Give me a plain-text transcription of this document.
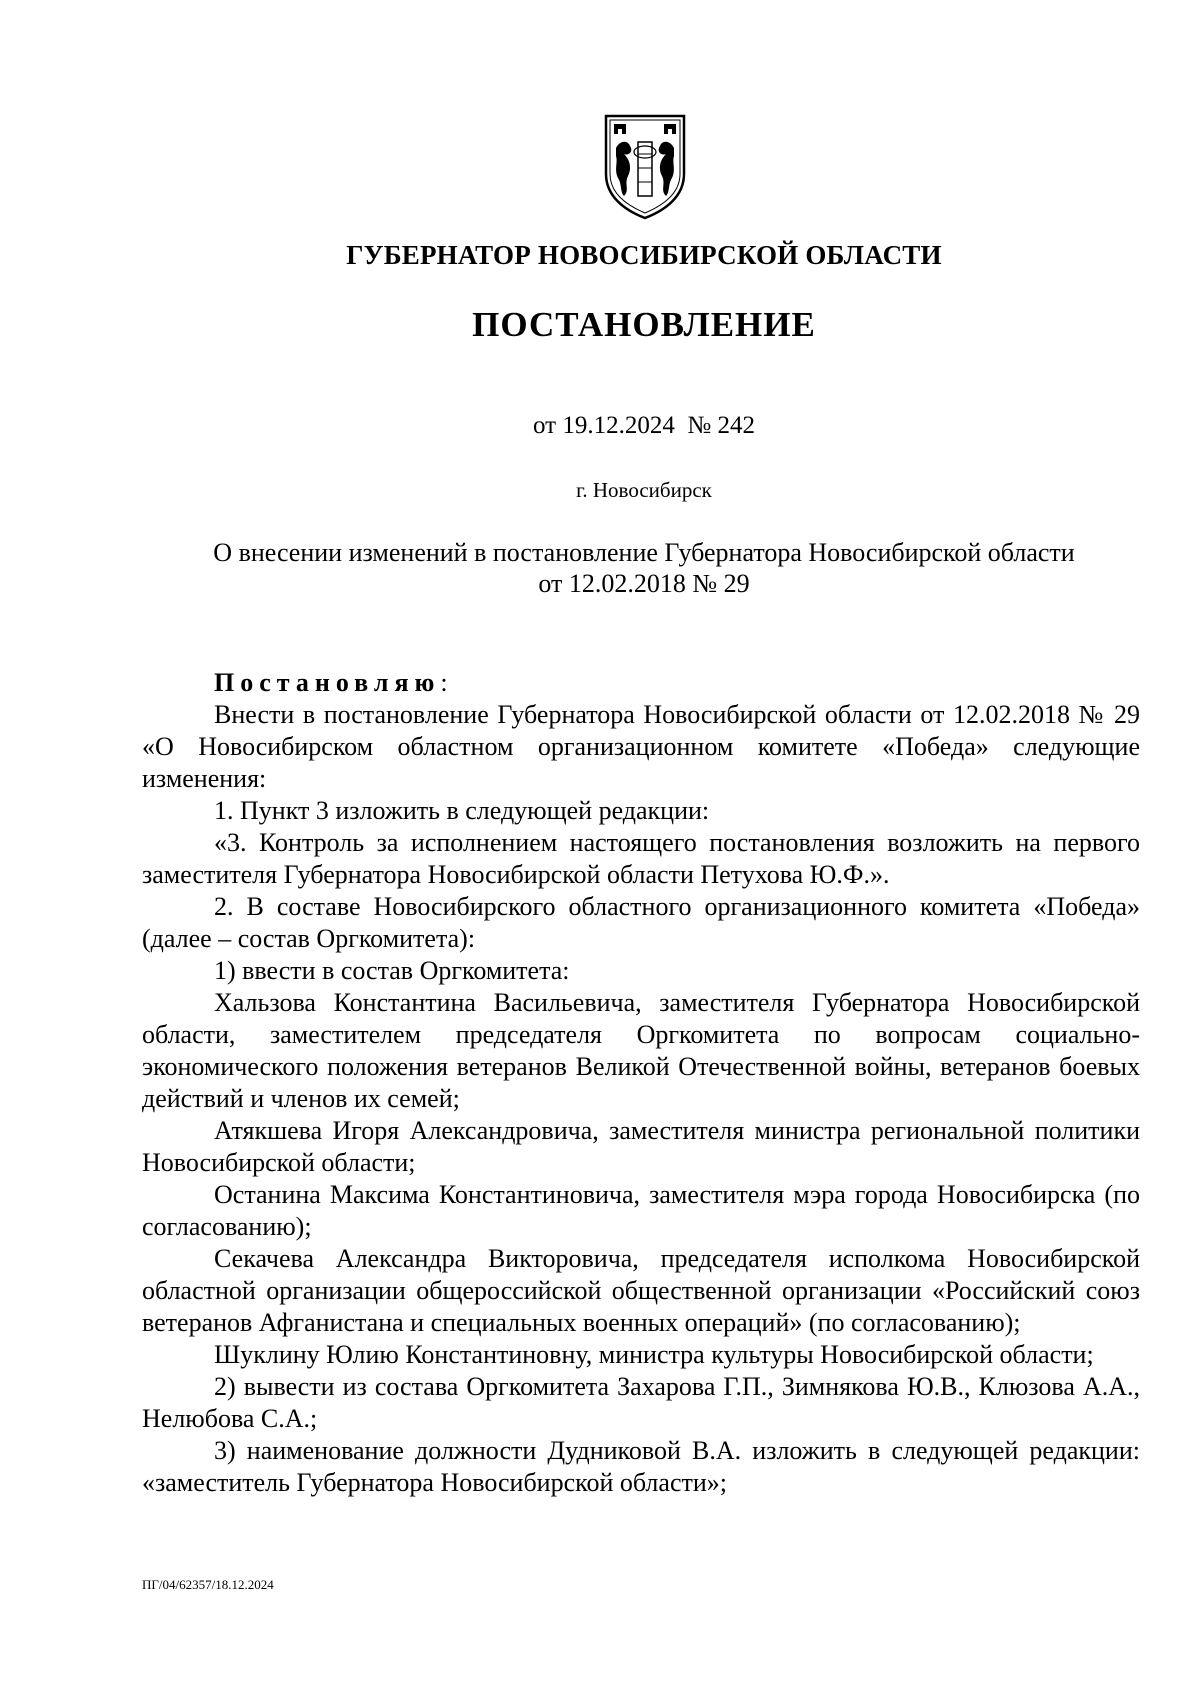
ГУБЕРНАТОР НОВОСИБИРСКОЙ ОБЛАСТИ
ПОСТАНОВЛЕНИЕ
от 19.12.2024  № 242
г. Новосибирск
О внесении изменений в постановление Губернатора Новосибирской области
от 12.02.2018 № 29

Постановляю:

Внести в постановление Губернатора Новосибирской области от 12.02.2018 № 29 «О Новосибирском областном организационном комитете «Победа» следующие изменения:

1. Пункт 3 изложить в следующей редакции:

«3. Контроль за исполнением настоящего постановления возложить на первого заместителя Губернатора Новосибирской области Петухова Ю.Ф.».

2. В составе Новосибирского областного организационного комитета «Победа» (далее – состав Оргкомитета):

1) ввести в состав Оргкомитета:

Хальзова Константина Васильевича, заместителя Губернатора Новосибирской области, заместителем председателя Оргкомитета по вопросам социально-экономического положения ветеранов Великой Отечественной войны, ветеранов боевых действий и членов их семей;

Атякшева Игоря Александровича, заместителя министра региональной политики Новосибирской области;

Останина Максима Константиновича, заместителя мэра города Новосибирска (по согласованию);

Секачева Александра Викторовича, председателя исполкома Новосибирской областной организации общероссийской общественной организации «Российский союз ветеранов Афганистана и специальных военных операций» (по согласованию);

Шуклину Юлию Константиновну, министра культуры Новосибирской области;

2) вывести из состава Оргкомитета Захарова Г.П., Зимнякова Ю.В., Клюзова А.А., Нелюбова С.А.;

3) наименование должности Дудниковой В.А. изложить в следующей редакции: «заместитель Губернатора Новосибирской области»;

ПГ/04/62357/18.12.2024
